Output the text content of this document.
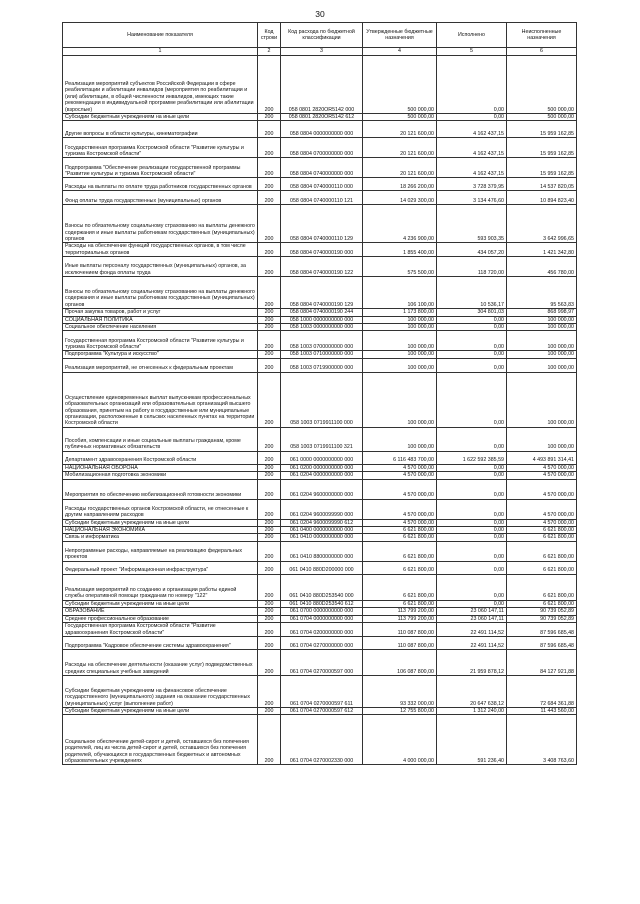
30
Наименование показателя	Код строки	Код расхода по бюджетной классификации	Утвержденные бюджетные назначения	Исполнено	Неисполненные назначения
1	2	3	4	5	6
Реализация мероприятий субъектов Российской Федерации в сфере реабилитации и абилитации инвалидов (мероприятия по реабилитации и (или) абилитации, в общей численности инвалидов, имеющих такие рекомендации в индивидуальной программе реабилитации или абилитации (взрослые)	200	058 0801 2820OR5142 000	500 000,00	0,00	500 000,00
Субсидии бюджетным учреждениям на иные цели	200	058 0801 2820OR5142 612	500 000,00	0,00	500 000,00
Другие вопросы в области культуры, кинематографии	200	058 0804 0000000000 000	20 121 600,00	4 162 437,15	15 959 162,85
Государственная программа Костромской области "Развитие культуры и туризма Костромской области"	200	058 0804 0700000000 000	20 121 600,00	4 162 437,15	15 959 162,85
Подпрограмма "Обеспечение реализации государственной программы "Развитие культуры и туризма Костромской области"	200	058 0804 0740000000 000	20 121 600,00	4 162 437,15	15 959 162,85
Расходы на выплаты по оплате труда работников государственных органов	200	058 0804 0740000110 000	18 266 200,00	3 728 379,95	14 537 820,05
Фонд оплаты труда государственных (муниципальных) органов	200	058 0804 0740000110 121	14 029 300,00	3 134 476,60	10 894 823,40
Взносы по обязательному социальному страхованию на выплаты денежного содержания и иные выплаты работникам государственных (муниципальных) органов	200	058 0804 0740000110 129	4 236 900,00	593 903,35	3 642 996,65
Расходы на обеспечение функций государственных органов, в том числе территориальных органов	200	058 0804 0740000190 000	1 855 400,00	434 057,20	1 421 342,80
Иные выплаты персоналу государственных (муниципальных) органов, за исключением фонда оплаты труда	200	058 0804 0740000190 122	575 500,00	118 720,00	456 780,00
Взносы по обязательному социальному страхованию на выплаты денежного содержания и иные выплаты работникам государственных (муниципальных) органов	200	058 0804 0740000190 129	106 100,00	10 536,17	95 563,83
Прочая закупка товаров, работ и услуг	200	058 0804 0740000190 244	1 173 800,00	304 801,03	868 998,97
СОЦИАЛЬНАЯ ПОЛИТИКА	200	058 1000 0000000000 000	100 000,00	0,00	100 000,00
Социальное обеспечение населения	200	058 1003 0000000000 000	100 000,00	0,00	100 000,00
Государственная программа Костромской области "Развитие культуры и туризма Костромской области"	200	058 1003 0700000000 000	100 000,00	0,00	100 000,00
Подпрограмма "Культура и искусство"	200	058 1003 0710000000 000	100 000,00	0,00	100 000,00
Реализация мероприятий, не отнесенных к федеральным проектам	200	058 1003 0719900000 000	100 000,00	0,00	100 000,00
Осуществление единовременных выплат выпускникам профессиональных образовательных организаций или образовательных организаций высшего образования, принятым на работу в государственные или муниципальные организации, расположенные в сельских населенных пунктах на территории Костромской области	200	058 1003 0719911100 000	100 000,00	0,00	100 000,00
Пособия, компенсации и иные социальные выплаты гражданам, кроме публичных нормативных обязательств	200	058 1003 0719911100 321	100 000,00	0,00	100 000,00
Департамент здравоохранения Костромской области	200	061 0000 0000000000 000	6 116 483 700,00	1 622 592 385,59	4 493 891 314,41
НАЦИОНАЛЬНАЯ ОБОРОНА	200	061 0200 0000000000 000	4 570 000,00	0,00	4 570 000,00
Мобилизационная подготовка экономики	200	061 0204 0000000000 000	4 570 000,00	0,00	4 570 000,00
Мероприятия по обеспечению мобилизационной готовности экономики	200	061 0204 9600000000 000	4 570 000,00	0,00	4 570 000,00
Расходы государственных органов Костромской области, не отнесенные к другим направлениям расходов	200	061 0204 9600099990 000	4 570 000,00	0,00	4 570 000,00
Субсидии бюджетным учреждениям на иные цели	200	061 0204 9600099990 612	4 570 000,00	0,00	4 570 000,00
НАЦИОНАЛЬНАЯ ЭКОНОМИКА	200	061 0400 0000000000 000	6 621 800,00	0,00	6 621 800,00
Связь и информатика	200	061 0410 0000000000 000	6 621 800,00	0,00	6 621 800,00
Непрограммные расходы, направляемые на реализацию федеральных проектов	200	061 0410 8800000000 000	6 621 800,00	0,00	6 621 800,00
Федеральный проект "Информационная инфраструктура"	200	061 0410 880D200000 000	6 621 800,00	0,00	6 621 800,00
Реализация мероприятий по созданию и организации работы единой службы оперативной помощи гражданам по номеру "122"	200	061 0410 880D253540 000	6 621 800,00	0,00	6 621 800,00
Субсидии бюджетным учреждениям на иные цели	200	061 0410 880D253540 612	6 621 800,00	0,00	6 621 800,00
ОБРАЗОВАНИЕ	200	061 0700 0000000000 000	113 799 200,00	23 060 147,11	90 739 052,89
Среднее профессиональное образование	200	061 0704 0000000000 000	113 799 200,00	23 060 147,11	90 739 052,89
Государственная программа Костромской области "Развитие здравоохранения Костромской области"	200	061 0704 0200000000 000	110 087 800,00	22 491 114,52	87 596 685,48
Подпрограмма "Кадровое обеспечение системы здравоохранения"	200	061 0704 0270000000 000	110 087 800,00	22 491 114,52	87 596 685,48
Расходы на обеспечение деятельности (оказание услуг) подведомственных средних специальных учебных заведений	200	061 0704 0270000597 000	106 087 800,00	21 959 878,12	84 127 921,88
Субсидии бюджетным учреждениям на финансовое обеспечение государственного (муниципального) задания на оказание государственных (муниципальных) услуг (выполнение работ)	200	061 0704 0270000597 611	93 332 000,00	20 647 638,12	72 684 361,88
Субсидии бюджетным учреждениям на иные цели	200	061 0704 0270000597 612	12 755 800,00	1 312 240,00	11 443 560,00
Социальное обеспечение детей-сирот и детей, оставшихся без попечения родителей, лиц из числа детей-сирот и детей, оставшихся без попечения родителей, обучающихся в государственных бюджетных и автономных образовательных учреждениях	200	061 0704 0270002330 000	4 000 000,00	591 236,40	3 408 763,60
